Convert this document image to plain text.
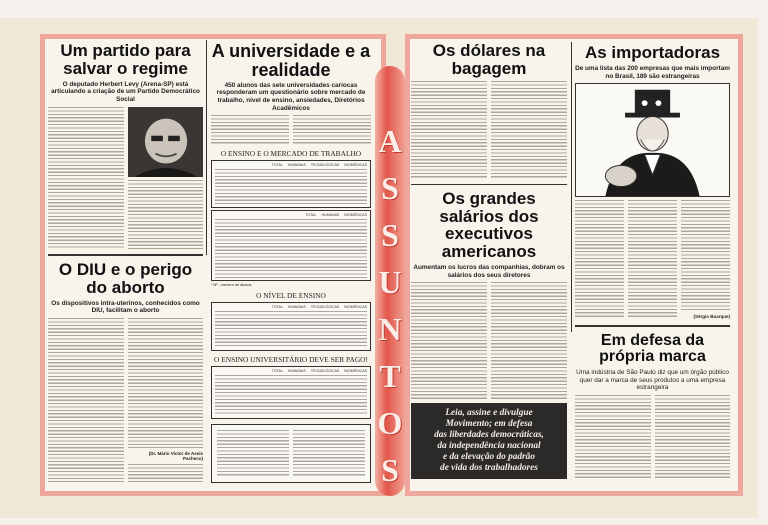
A
S
S
U
N
T
O
S
Um partido para salvar o regime
O deputado Herbert Levy (Arena-SP) está articulando a criação de um Partido Democrático Social
O DIU e o perigo do aborto
Os dispositivos intra-uterinos, conhecidos como DIU, facilitam o aborto
(Dr. Mário Victor de Assis Pacheco)
A universidade e a realidade
450 alunos das sete universidades cariocas responderam um questionário sobre mercado de trabalho, nível de ensino, ansiedades, Diretórios Acadêmicos
O ENSINO E O MERCADO DE TRABALHO
TOTAL HUMANAS TECNOLÓGICAS BIOMÉDICAS
TOTAL HUMANAS BIOMÉDICAS
* Nº - número de alunos
O NÍVEL DE ENSINO
TOTAL HUMANAS TECNOLÓGICAS BIOMÉDICAS
O ENSINO UNIVERSITÁRIO DEVE SER PAGO!
TOTAL HUMANAS TECNOLÓGICAS BIOMÉDICAS
Os dólares na bagagem
Os grandes salários dos executivos americanos
Aumentam os lucros das companhias, dobram os salários dos seus diretores
Leia, assine e divulgue
Movimento; em defesa
das liberdades democráticas,
da independência nacional
e da elevação do padrão
de vida dos trabalhadores
As importadoras
De uma lista das 200 empresas que mais importam no Brasil, 189 são estrangeiras
(Sérgio Buarque)
Em defesa da própria marca
Uma indústria de São Paulo diz que um órgão público quer dar a marca de seus produtos a uma empresa estrangeira
